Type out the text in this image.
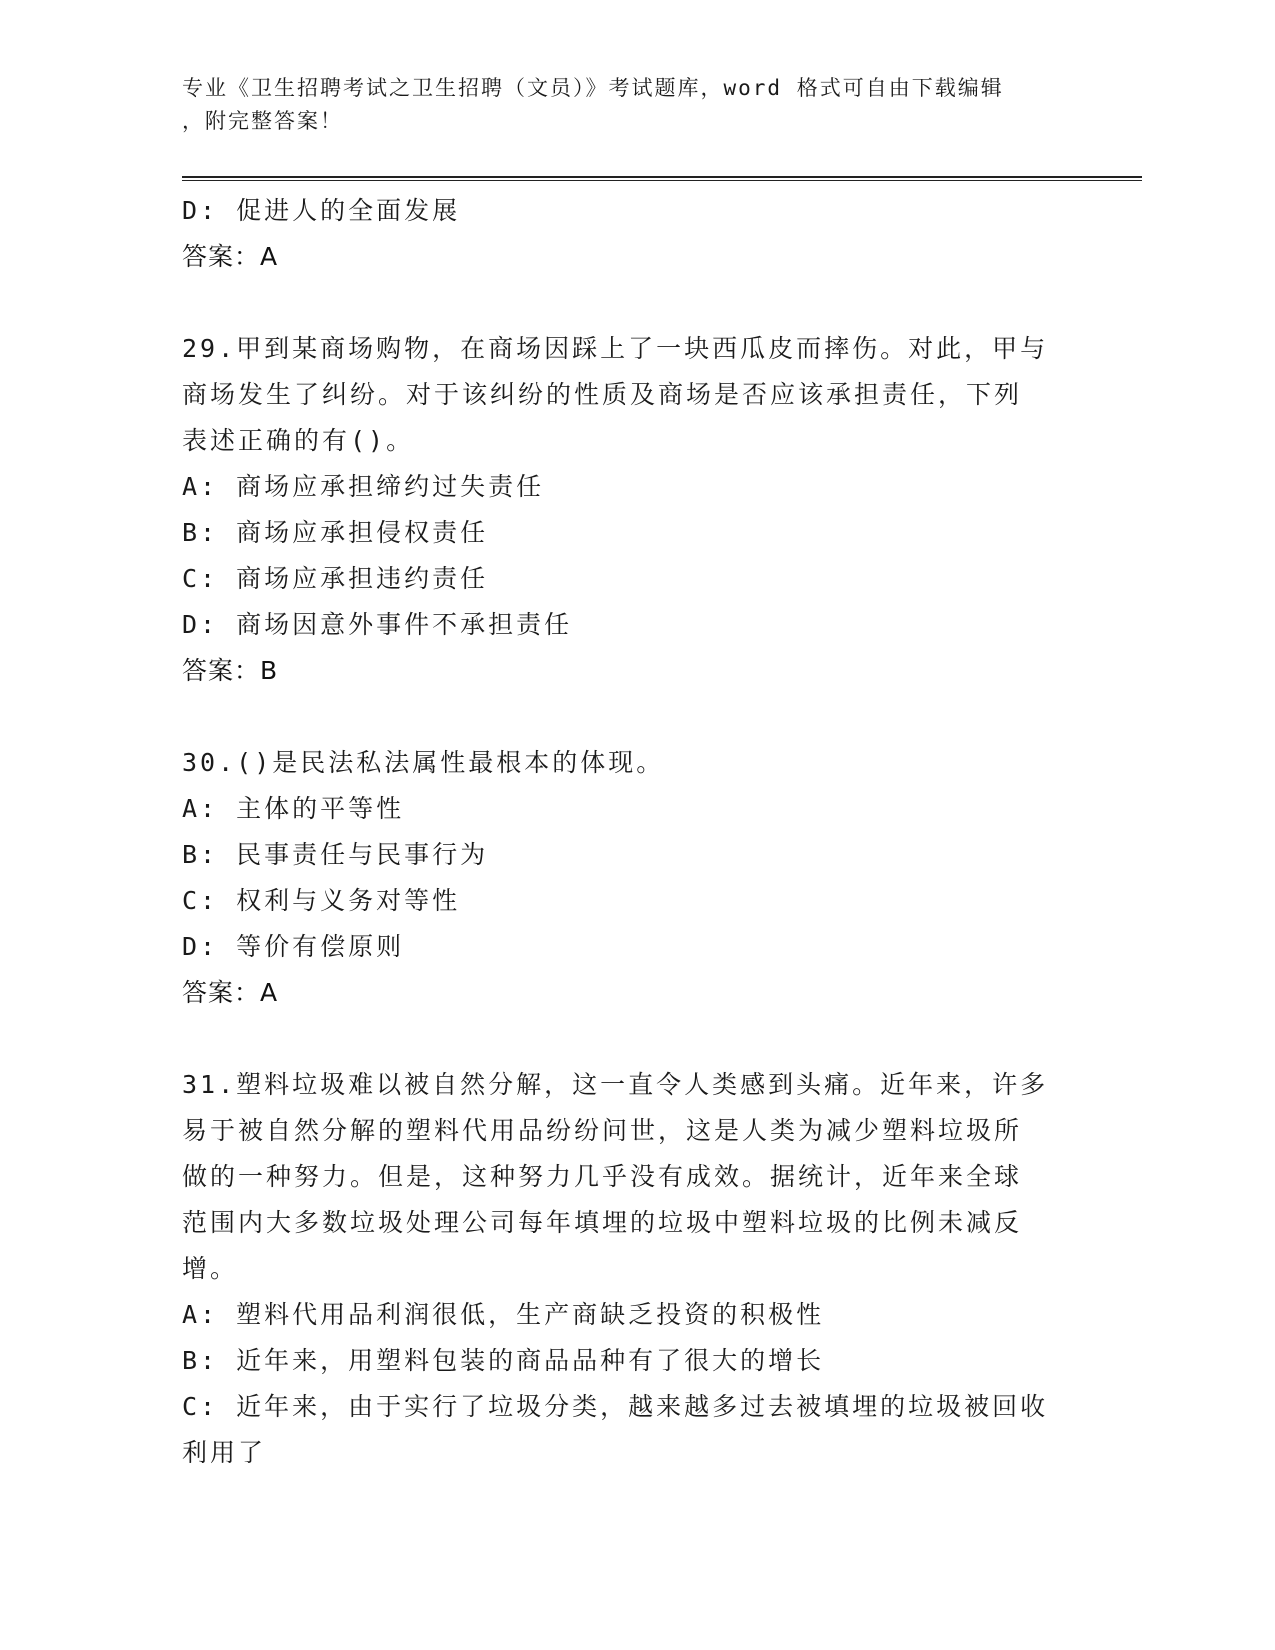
专业《卫生招聘考试之卫生招聘（文员）》考试题库，word 格式可自由下载编辑
，附完整答案！
D: 促进人的全面发展
答案：A
29.甲到某商场购物，在商场因踩上了一块西瓜皮而摔伤。对此，甲与
商场发生了纠纷。对于该纠纷的性质及商场是否应该承担责任，下列
表述正确的有()。
A: 商场应承担缔约过失责任
B: 商场应承担侵权责任
C: 商场应承担违约责任
D: 商场因意外事件不承担责任
答案：B
30.()是民法私法属性最根本的体现。
A: 主体的平等性
B: 民事责任与民事行为
C: 权利与义务对等性
D: 等价有偿原则
答案：A
31.塑料垃圾难以被自然分解，这一直令人类感到头痛。近年来，许多
易于被自然分解的塑料代用品纷纷问世，这是人类为减少塑料垃圾所
做的一种努力。但是，这种努力几乎没有成效。据统计，近年来全球
范围内大多数垃圾处理公司每年填埋的垃圾中塑料垃圾的比例未减反
增。
A: 塑料代用品利润很低，生产商缺乏投资的积极性
B: 近年来，用塑料包装的商品品种有了很大的增长
C: 近年来，由于实行了垃圾分类，越来越多过去被填埋的垃圾被回收
利用了
